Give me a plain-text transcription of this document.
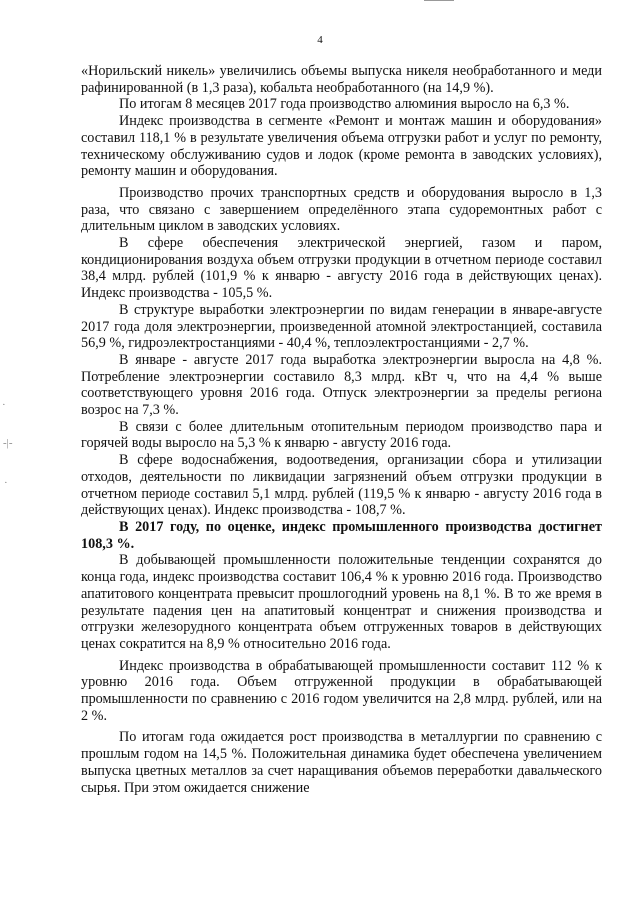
4
·
-|-
·

«Норильский никель» увеличились объемы выпуска никеля необработанного и меди рафинированной (в 1,3 раза), кобальта необработанного (на 14,9 %).

По итогам 8 месяцев 2017 года производство алюминия выросло на 6,3 %.

Индекс производства в сегменте «Ремонт и монтаж машин и оборудования» составил 118,1 % в результате увеличения объема отгрузки работ и услуг по ремонту, техническому обслуживанию судов и лодок (кроме ремонта в заводских условиях), ремонту машин и оборудования.

Производство прочих транспортных средств и оборудования выросло в 1,3 раза, что связано с завершением определённого этапа судоремонтных работ с длительным циклом в заводских условиях.

В сфере обеспечения электрической энергией, газом и паром, кондиционирования воздуха объем отгрузки продукции в отчетном периоде составил 38,4 млрд. рублей (101,9 % к январю - августу 2016 года в действующих ценах). Индекс производства - 105,5 %.

В структуре выработки электроэнергии по видам генерации в январе-августе 2017 года доля электроэнергии, произведенной атомной электростанцией, составила 56,9 %, гидроэлектростанциями - 40,4 %, теплоэлектростанциями - 2,7 %.

В январе - августе 2017 года выработка электроэнергии выросла на 4,8 %. Потребление электроэнергии составило 8,3 млрд. кВт ч, что на 4,4 % выше соответствующего уровня 2016 года. Отпуск электроэнергии за пределы региона возрос на 7,3 %.

В связи с более длительным отопительным периодом производство пара и горячей воды выросло на 5,3 % к январю - августу 2016 года.

В сфере водоснабжения, водоотведения, организации сбора и утилизации отходов, деятельности по ликвидации загрязнений объем отгрузки продукции в отчетном периоде составил 5,1 млрд. рублей (119,5 % к январю - августу 2016 года в действующих ценах). Индекс производства - 108,7 %.

В 2017 году, по оценке, индекс промышленного производства достигнет 108,3 %.

В добывающей промышленности положительные тенденции сохранятся до конца года, индекс производства составит 106,4 % к уровню 2016 года. Производство апатитового концентрата превысит прошлогодний уровень на 8,1 %. В то же время в результате падения цен на апатитовый концентрат и снижения производства и отгрузки железорудного концентрата объем отгруженных товаров в действующих ценах сократится на 8,9 % относительно 2016 года.

Индекс производства в обрабатывающей промышленности составит 112 % к уровню 2016 года. Объем отгруженной продукции в обрабатывающей промышленности по сравнению с 2016 годом увеличится на 2,8 млрд. рублей, или на 2 %.

По итогам года ожидается рост производства в металлургии по сравнению с прошлым годом на 14,5 %. Положительная динамика будет обеспечена увеличением выпуска цветных металлов за счет наращивания объемов переработки давальческого сырья. При этом ожидается снижение
